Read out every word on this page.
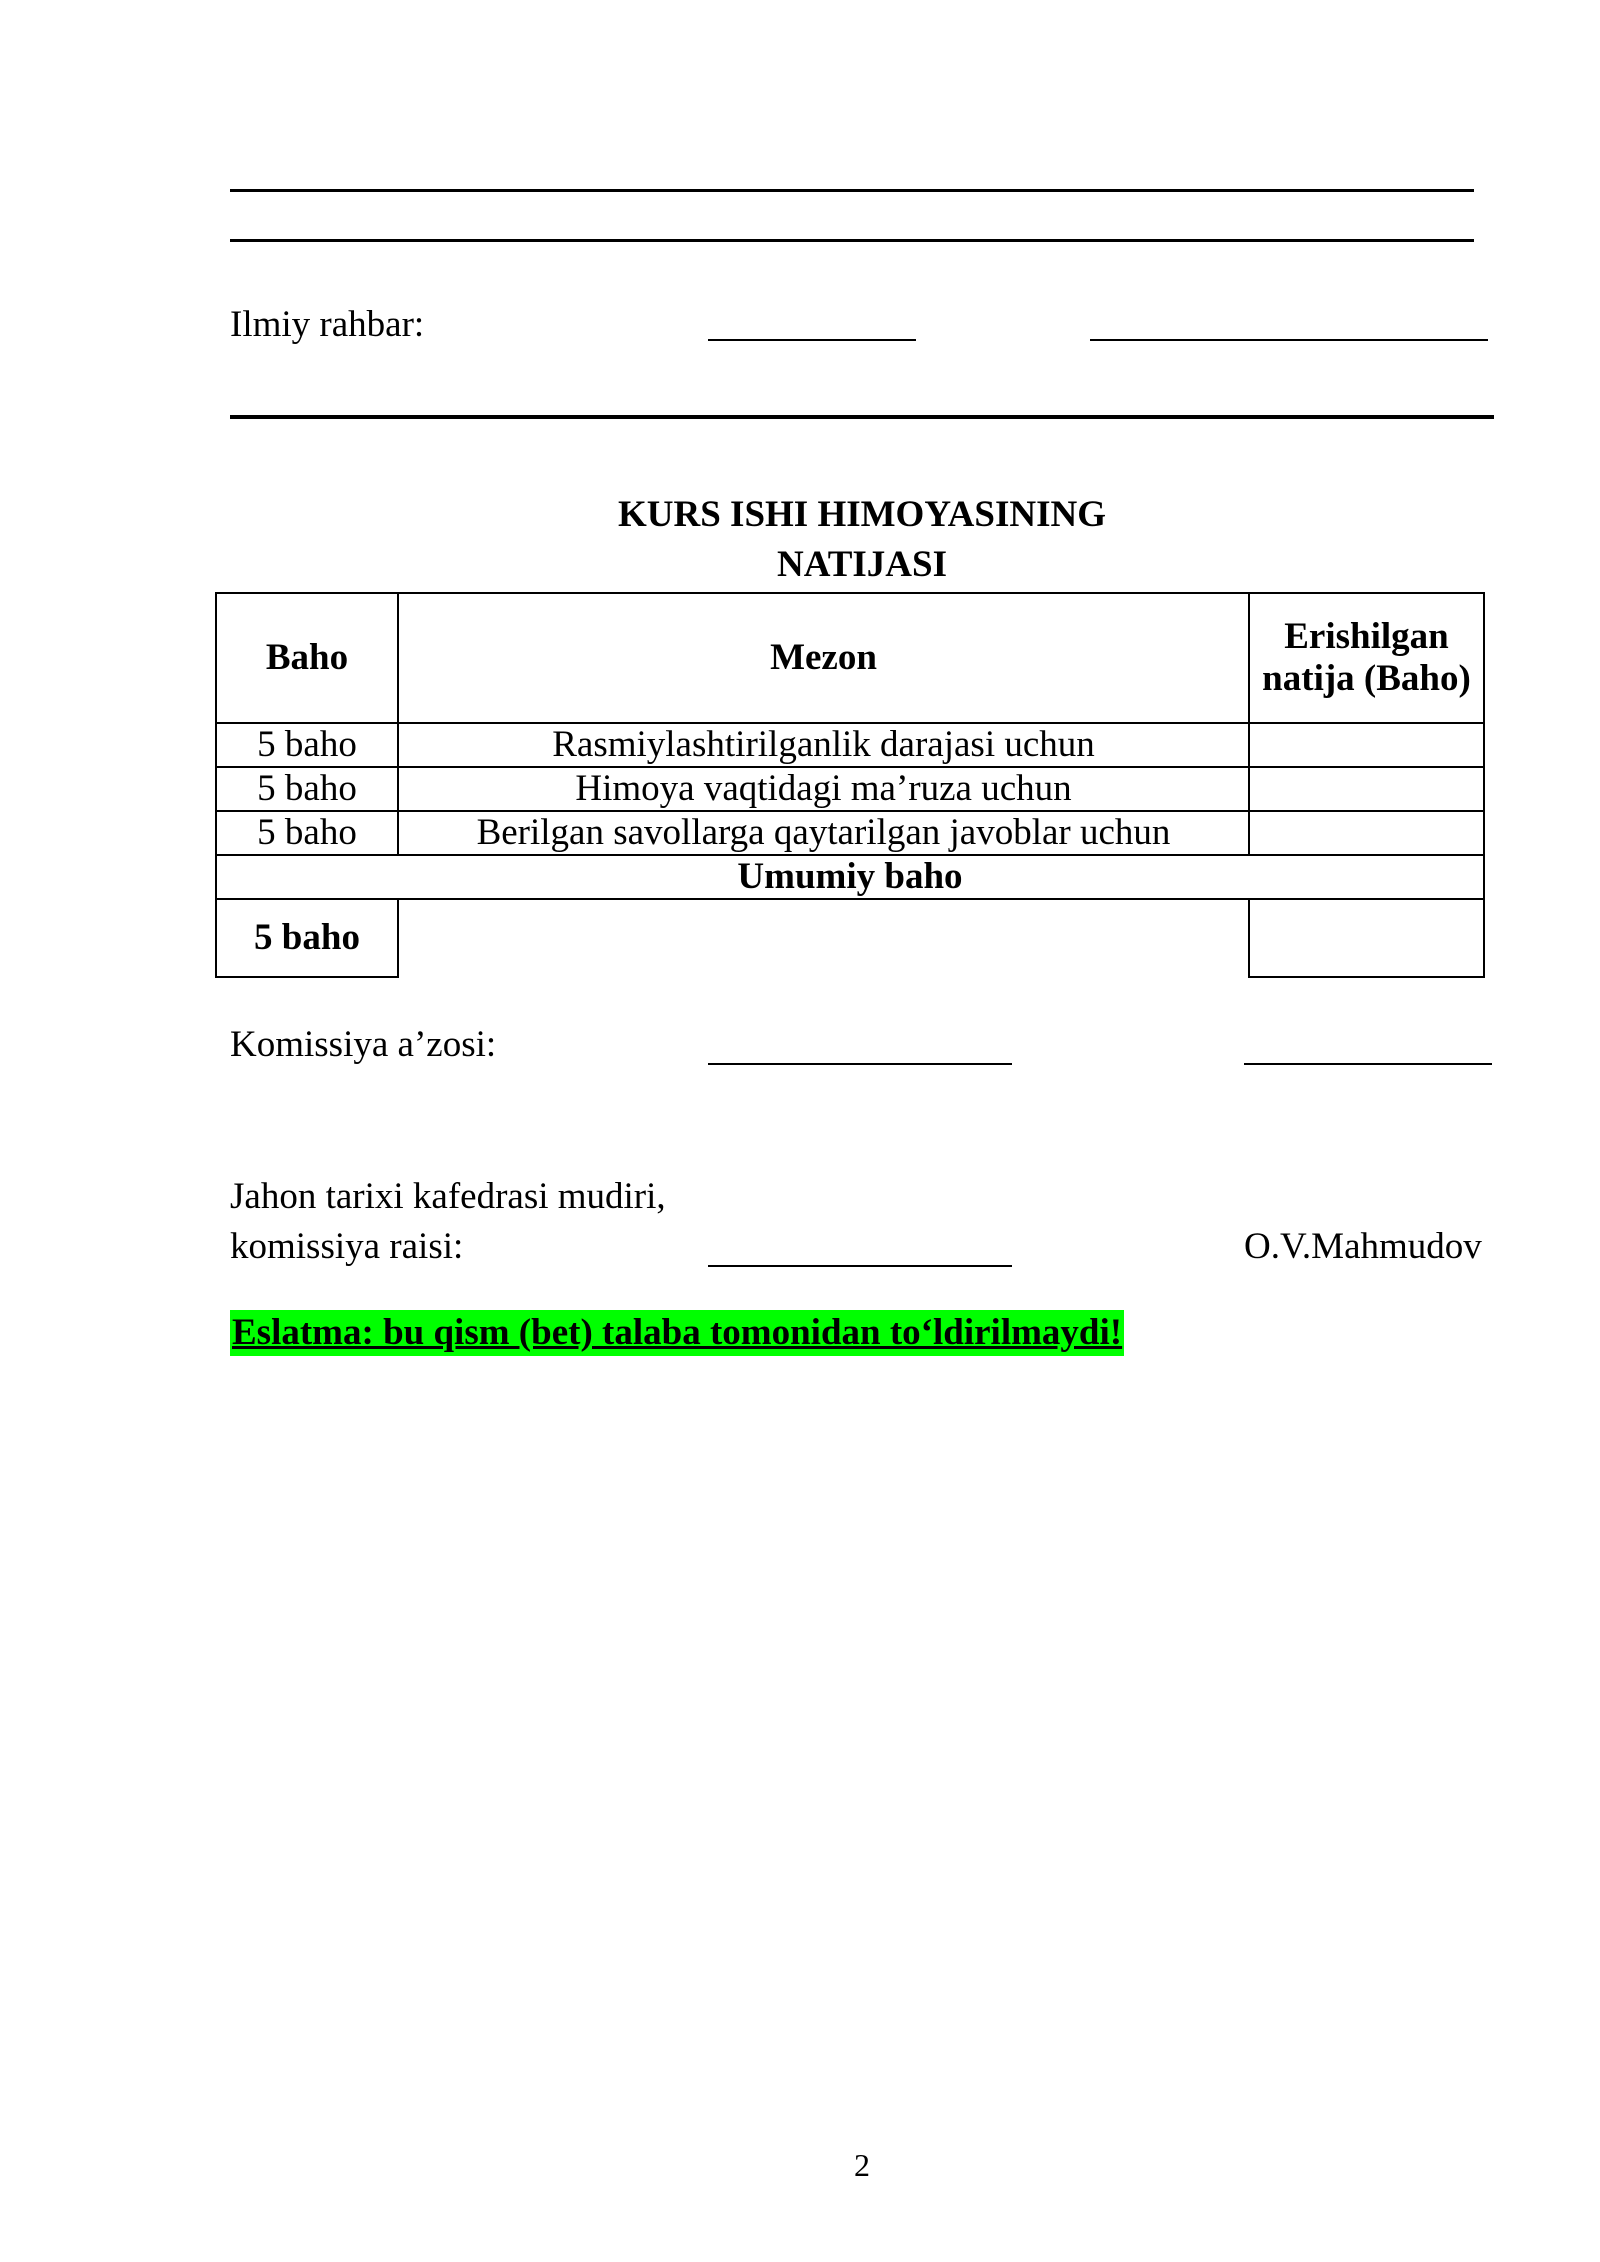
Ilmiy rahbar:
KURS ISHI HIMOYASINING
NATIJASI
Baho	Mezon	Erishilgan natija (Baho)
5 baho	Rasmiylashtirilganlik darajasi uchun	
5 baho	Himoya vaqtidagi ma’ruza uchun	
5 baho	Berilgan savollarga qaytarilgan javoblar uchun	
Umumiy baho		
5 baho		
Komissiya a’zosi:
Jahon tarixi kafedrasi mudiri,
komissiya raisi:	O.V.Mahmudov
Eslatma: bu qism (bet) talaba tomonidan to‘ldirilmaydi!
2
